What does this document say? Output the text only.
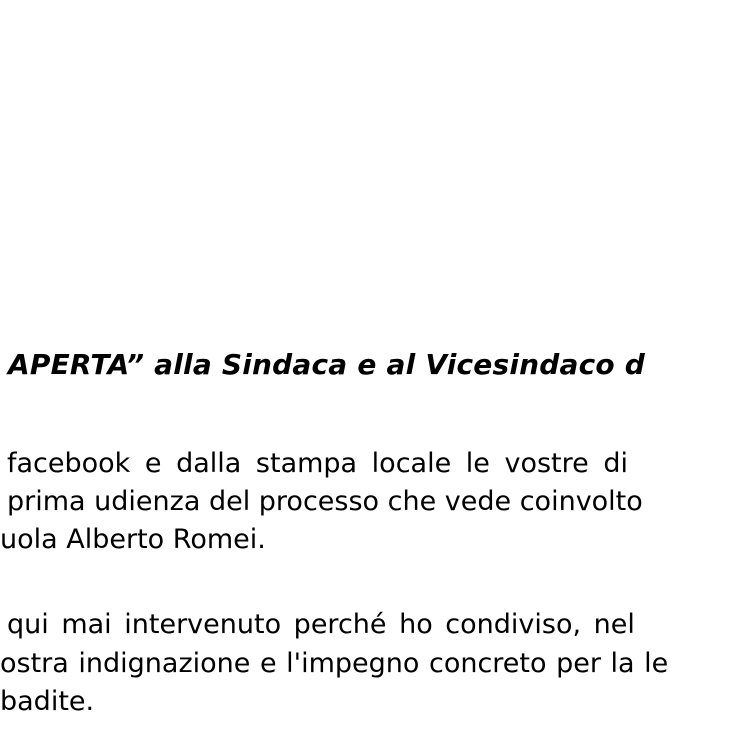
APERTA” alla Sindaca e al Vicesindaco d
facebook e dalla stampa locale le vostre di
prima udienza del processo che vede coinvolto
uola Alberto Romei.
qui mai intervenuto perché ho condiviso, nel
ostra indignazione e l'impegno concreto per la le
badite.
